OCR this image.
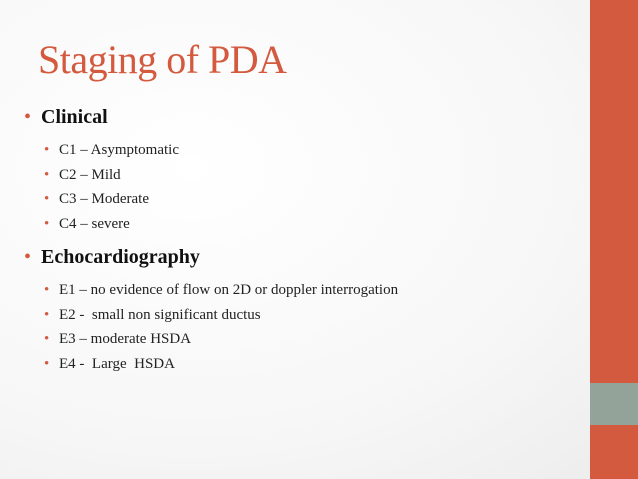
Staging of PDA
• Clinical
• C1 – Asymptomatic
• C2 – Mild
• C3 – Moderate
• C4 – severe
• Echocardiography
• E1 – no evidence of flow on 2D or doppler interrogation
• E2 -  small non significant ductus
• E3 – moderate HSDA
• E4 -  Large  HSDA
